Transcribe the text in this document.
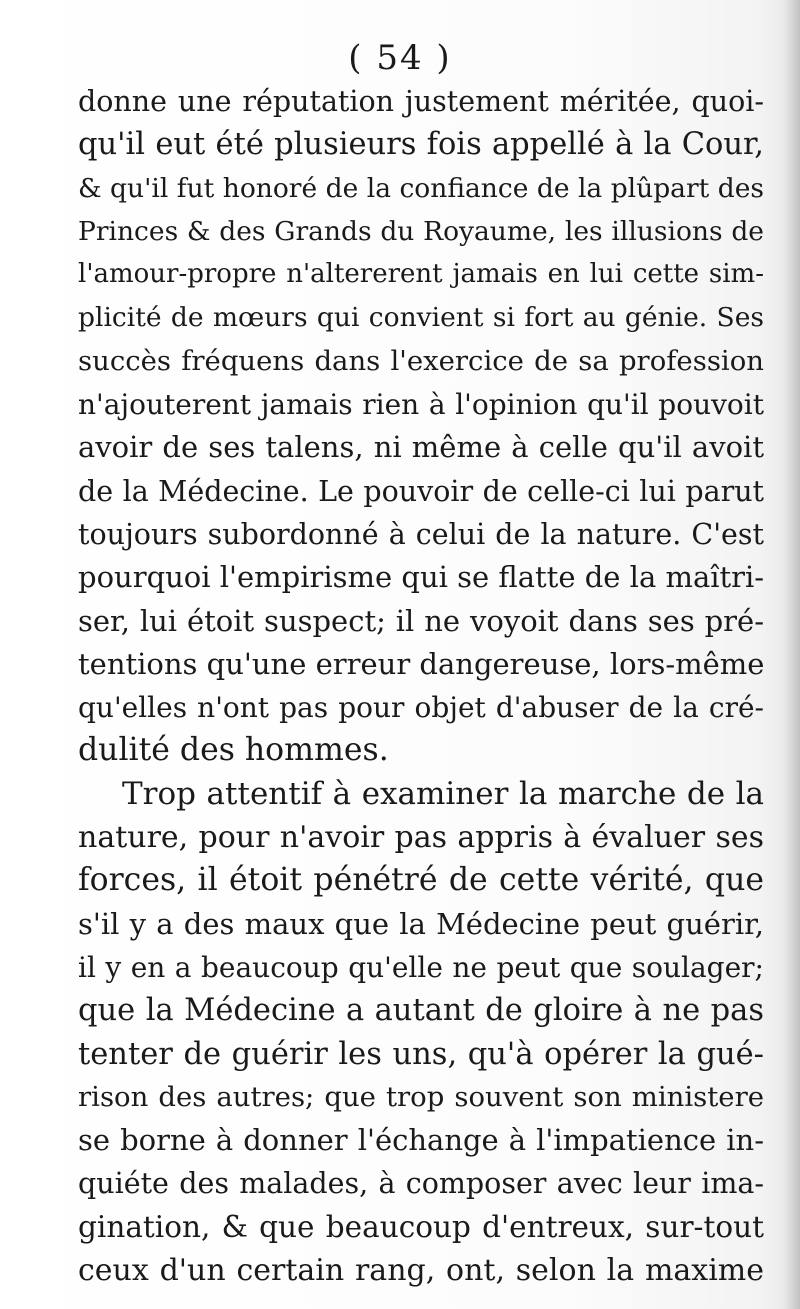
( 54 )
donne une réputation justement méritée, quoi-
qu'il eut été plusieurs fois appellé à la Cour,
& qu'il fut honoré de la confiance de la plûpart des
Princes & des Grands du Royaume, les illusions de
l'amour-propre n'altererent jamais en lui cette sim-
plicité de mœurs qui convient si fort au génie. Ses
succès fréquens dans l'exercice de sa profession
n'ajouterent jamais rien à l'opinion qu'il pouvoit
avoir de ses talens, ni même à celle qu'il avoit
de la Médecine. Le pouvoir de celle-ci lui parut
toujours subordonné à celui de la nature. C'est
pourquoi l'empirisme qui se flatte de la maîtri-
ser, lui étoit suspect; il ne voyoit dans ses pré-
tentions qu'une erreur dangereuse, lors-même
qu'elles n'ont pas pour objet d'abuser de la cré-
dulité des hommes.
Trop attentif à examiner la marche de la
nature, pour n'avoir pas appris à évaluer ses
forces, il étoit pénétré de cette vérité, que
s'il y a des maux que la Médecine peut guérir,
il y en a beaucoup qu'elle ne peut que soulager;
que la Médecine a autant de gloire à ne pas
tenter de guérir les uns, qu'à opérer la gué-
rison des autres; que trop souvent son ministere
se borne à donner l'échange à l'impatience in-
quiéte des malades, à composer avec leur ima-
gination, & que beaucoup d'entreux, sur-tout
ceux d'un certain rang, ont, selon la maxime
